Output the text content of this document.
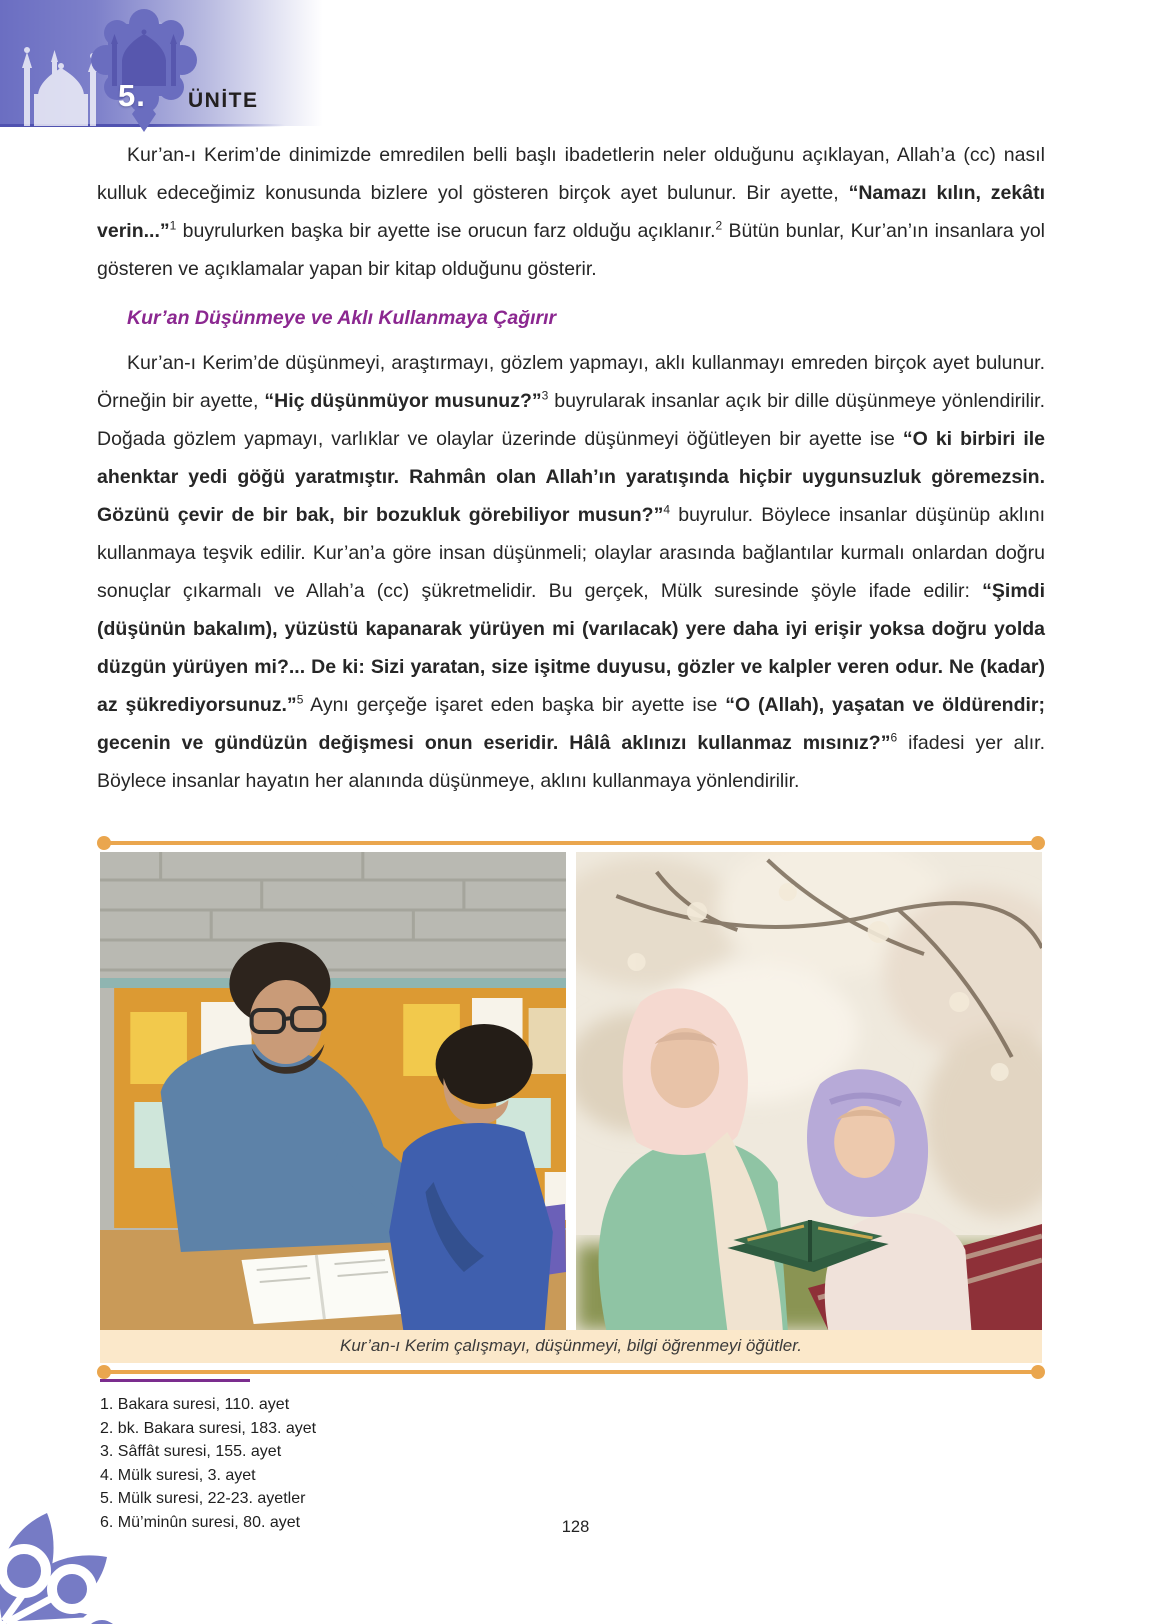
5. ÜNİTE

Kur’an-ı Kerim’de dinimizde emredilen belli başlı ibadetlerin neler olduğunu açıklayan, Allah’a (cc) nasıl kulluk edeceğimiz konusunda bizlere yol gösteren birçok ayet bulunur. Bir ayette, “Namazı kılın, zekâtı verin...”$^1$ buyrulurken başka bir ayette ise orucun farz olduğu açıklanır.$^2$ Bütün bunlar, Kur’an’ın insanlara yol gösteren ve açıklamalar yapan bir kitap olduğunu gösterir.

Kur’an Düşünmeye ve Aklı Kullanmaya Çağırır

Kur’an-ı Kerim’de düşünmeyi, araştırmayı, gözlem yapmayı, aklı kullanmayı emreden birçok ayet bulunur. Örneğin bir ayette, “Hiç düşünmüyor musunuz?”$^3$ buyrularak insanlar açık bir dille düşünmeye yönlendirilir. Doğada gözlem yapmayı, varlıklar ve olaylar üzerinde düşünmeyi öğütleyen bir ayette ise “O ki birbiri ile ahenktar yedi göğü yaratmıştır. Rahmân olan Allah’ın yaratışında hiçbir uygunsuzluk göremezsin. Gözünü çevir de bir bak, bir bozukluk görebiliyor musun?”$^4$ buyrulur. Böylece insanlar düşünüp aklını kullanmaya teşvik edilir. Kur’an’a göre insan düşünmeli; olaylar arasında bağlantılar kurmalı onlardan doğru sonuçlar çıkarmalı ve Allah’a (cc) şükretmelidir. Bu gerçek, Mülk suresinde şöyle ifade edilir: “Şimdi (düşünün bakalım), yüzüstü kapanarak yürüyen mi (varılacak) yere daha iyi erişir yoksa doğru yolda düzgün yürüyen mi?... De ki: Sizi yaratan, size işitme duyusu, gözler ve kalpler veren odur. Ne (kadar) az şükrediyorsunuz.”$^5$ Aynı gerçeğe işaret eden başka bir ayette ise “O (Allah), yaşatan ve öldürendir; gecenin ve gündüzün değişmesi onun eseridir. Hâlâ aklınızı kullanmaz mısınız?”$^6$ ifadesi yer alır. Böylece insanlar hayatın her alanında düşünmeye, aklını kullanmaya yönlendirilir.

Kur’an-ı Kerim çalışmayı, düşünmeyi, bilgi öğrenmeyi öğütler.
1. Bakara suresi, 110. ayet
2. bk. Bakara suresi, 183. ayet
3. Sâffât suresi, 155. ayet
4. Mülk suresi, 3. ayet
5. Mülk suresi, 22-23. ayetler
6. Mü’minûn suresi, 80. ayet	128
